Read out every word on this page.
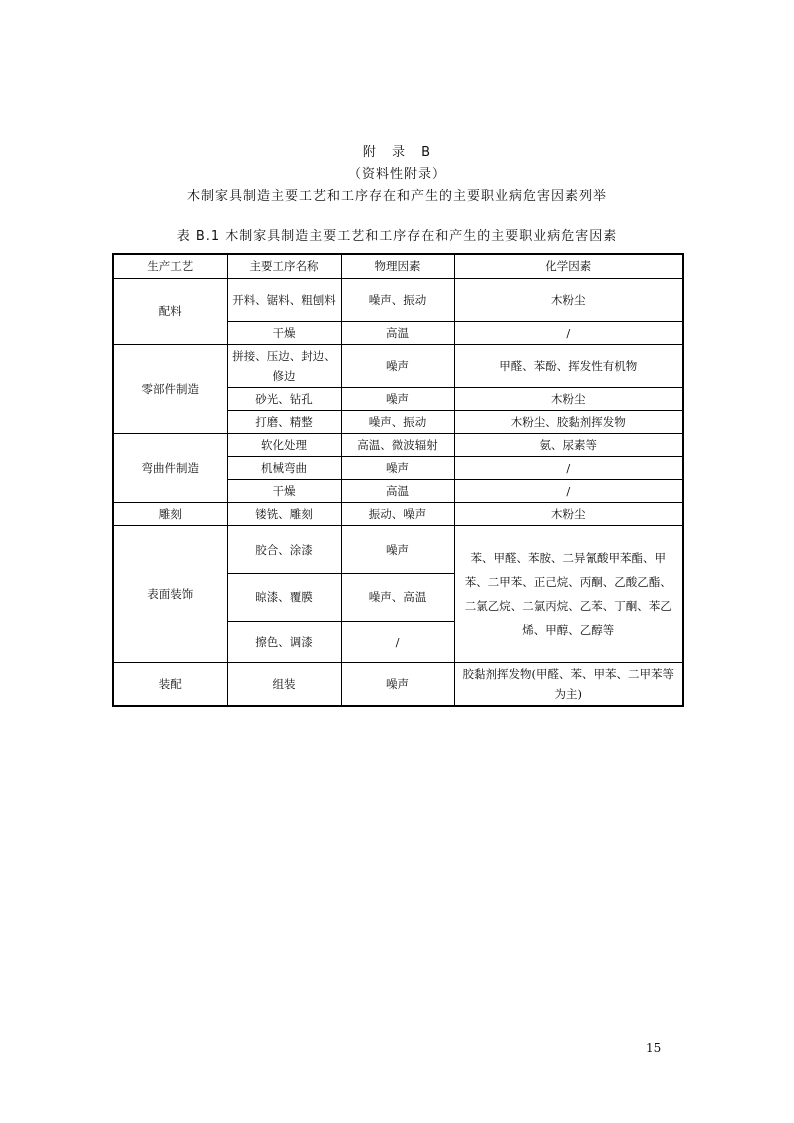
附 录 B
（资料性附录）
木制家具制造主要工艺和工序存在和产生的主要职业病危害因素列举
表 B.1 木制家具制造主要工艺和工序存在和产生的主要职业病危害因素
生产工艺	主要工序名称	物理因素	化学因素
配料	开料、锯料、粗刨料	噪声、振动	木粉尘
	干燥	高温	/
零部件制造	拼接、压边、封边、修边	噪声	甲醛、苯酚、挥发性有机物
	砂光、钻孔	噪声	木粉尘
	打磨、精整	噪声、振动	木粉尘、胶黏剂挥发物
弯曲件制造	软化处理	高温、微波辐射	氨、尿素等
	机械弯曲	噪声	/
	干燥	高温	/
雕刻	镂铣、雕刻	振动、噪声	木粉尘
表面装饰	胶合、涂漆	噪声	苯、甲醛、苯胺、二异氰酸甲苯酯、甲苯、二甲苯、正己烷、丙酮、乙酸乙酯、二氯乙烷、二氯丙烷、乙苯、丁酮、苯乙烯、甲醇、乙醇等
	晾漆、覆膜	噪声、高温	
	擦色、调漆	/	
装配	组装	噪声	胶黏剂挥发物(甲醛、苯、甲苯、二甲苯等为主)
15
